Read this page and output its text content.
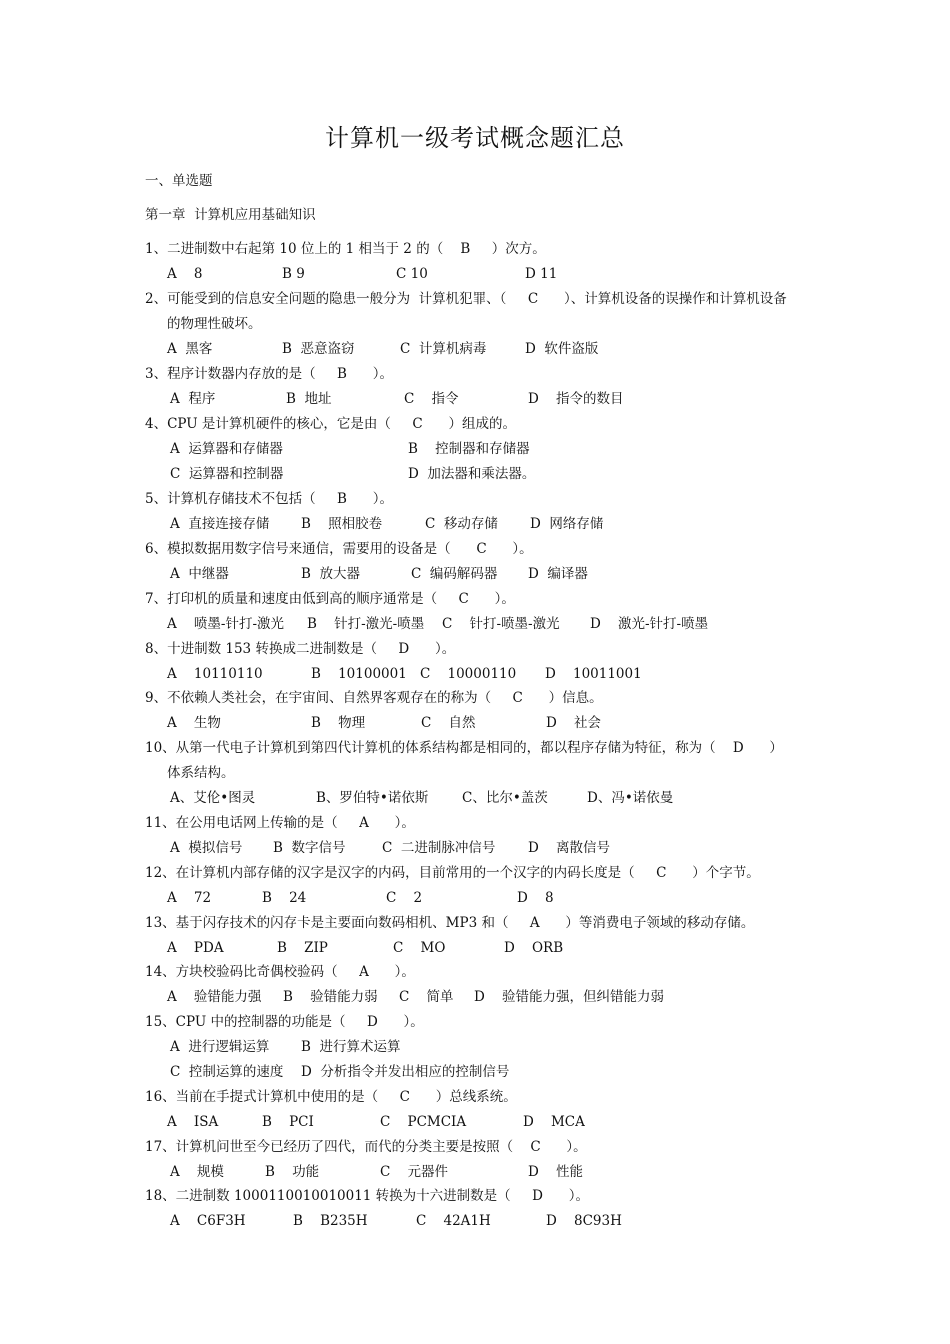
计算机一级考试概念题汇总
一、单选题
第一章  计算机应用基础知识
1、二进制数中右起第 10 位上的 1 相当于 2 的（    B     ）次方。

A    8

	B 9

	C 10

	D 11

2、可能受到的信息安全问题的隐患一般分为  计算机犯罪、（     C      ）、计算机设备的误操作和计算机设备
的物理性破坏。

A  黑客

	B  恶意盗窃

	C  计算机病毒

	D  软件盗版

3、程序计数器内存放的是（     B      ）。

A  程序

	B  地址

	C    指令

	D    指令的数目

4、CPU 是计算机硬件的核心，它是由（     C      ）组成的。

A  运算器和存储器

	B    控制器和存储器

C  运算器和控制器

	D  加法器和乘法器。

5、计算机存储技术不包括（     B      ）。

A  直接连接存储

B    照相胶卷

	C  移动存储

D  网络存储

6、模拟数据用数字信号来通信，需要用的设备是（      C      ）。

A  中继器

	B  放大器

	C  编码解码器

D  编译器

7、打印机的质量和速度由低到高的顺序通常是（     C      ）。

A    喷墨-针打-激光

B    针打-激光-喷墨

C    针打-喷墨-激光

D    激光-针打-喷墨

8、十进制数 153 转换成二进制数是（     D      ）。

A    10110110

	B    10100001

C    10000110

D    10011001

9、不依赖人类社会，在宇宙间、自然界客观存在的称为（     C      ）信息。

A    生物

	B    物理

	C    自然

	D    社会

10、从第一代电子计算机到第四代计算机的体系结构都是相同的，都以程序存储为特征，称为（    D      ）
体系结构。

A、艾伦•图灵

	B、罗伯特•诺依斯

C、比尔•盖茨

	D、冯•诺依曼

11、在公用电话网上传输的是（     A      ）。

A  模拟信号

B  数字信号

	C  二进制脉冲信号

D    离散信号

12、在计算机内部存储的汉字是汉字的内码，目前常用的一个汉字的内码长度是（     C      ）个字节。

A    72

	B    24

	C    2

	D    8

13、基于闪存技术的闪存卡是主要面向数码相机、MP3 和（     A      ）等消费电子领域的移动存储。

A    PDA

	B    ZIP

	C    MO

	D    ORB

14、方块校验码比奇偶校验码（     A      ）。

A    验错能力强

B    验错能力弱

C    简单

D    验错能力强，但纠错能力弱

15、CPU 中的控制器的功能是（     D      ）。

A  进行逻辑运算

B  进行算术运算

C  控制运算的速度

D  分析指令并发出相应的控制信号

16、当前在手提式计算机中使用的是（     C      ）总线系统。

A    ISA

	B    PCI

	C    PCMCIA

	D    MCA

17、计算机问世至今已经历了四代，而代的分类主要是按照（    C      ）。

A    规模

	B    功能

	C    元器件

	D    性能

18、二进制数 1000110010010011 转换为十六进制数是（     D      ）。

A    C6F3H

	B    B235H

	C    42A1H

	D    8C93H
